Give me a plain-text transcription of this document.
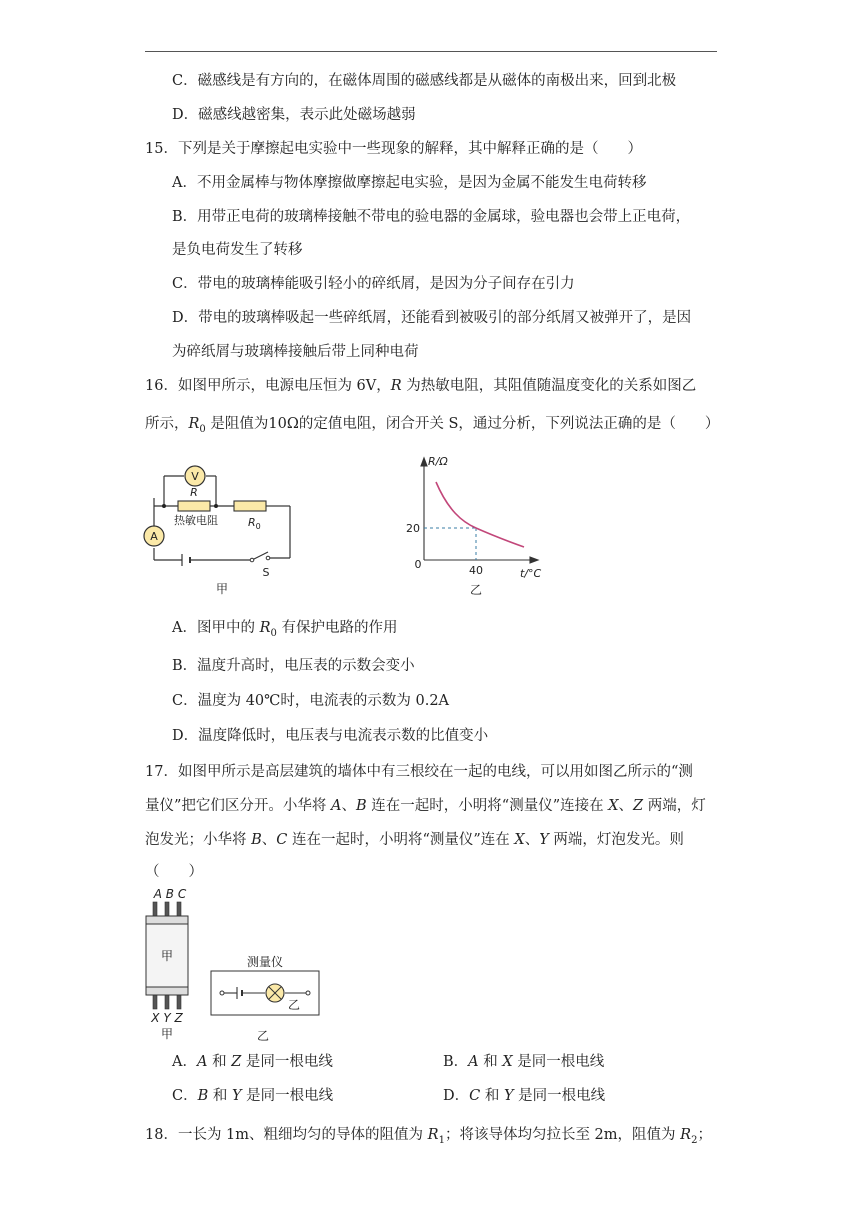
C．磁感线是有方向的，在磁体周围的磁感线都是从磁体的南极出来，回到北极
D．磁感线越密集，表示此处磁场越弱
15．下列是关于摩擦起电实验中一些现象的解释，其中解释正确的是（　　）
A．不用金属棒与物体摩擦做摩擦起电实验，是因为金属不能发生电荷转移
B．用带正电荷的玻璃棒接触不带电的验电器的金属球，验电器也会带上正电荷，
是负电荷发生了转移
C．带电的玻璃棒能吸引轻小的碎纸屑，是因为分子间存在引力
D．带电的玻璃棒吸起一些碎纸屑，还能看到被吸引的部分纸屑又被弹开了，是因
为碎纸屑与玻璃棒接触后带上同种电荷
16．如图甲所示，电源电压恒为 6V，R 为热敏电阻，其阻值随温度变化的关系如图乙
所示，$R_0$ 是阻值为10Ω的定值电阻，闭合开关 S，通过分析，下列说法正确的是（　　）
V
A
R
热敏电阻	$R_0$
S
甲
R/Ω
t/°C
20
40
0
乙
A．图甲中的 $R_0$ 有保护电路的作用
B．温度升高时，电压表的示数会变小
C．温度为 40℃时，电流表的示数为 0.2A
D．温度降低时，电压表与电流表示数的比值变小
17．如图甲所示是高层建筑的墙体中有三根绞在一起的电线，可以用如图乙所示的“测
量仪”把它们区分开。小华将 A、B 连在一起时，小明将“测量仪”连接在 X、Z 两端，灯
泡发光；小华将 B、C 连在一起时，小明将“测量仪”连在 X、Y 两端，灯泡发光。则
（　　）
A B C
甲
X Y Z
甲
测量仪
乙
乙
A．A 和 Z 是同一根电线	B．A 和 X 是同一根电线
C．B 和 Y 是同一根电线	D．C 和 Y 是同一根电线
18．一长为 1m、粗细均匀的导体的阻值为 $R_1$；将该导体均匀拉长至 2m，阻值为 $R_2$；
